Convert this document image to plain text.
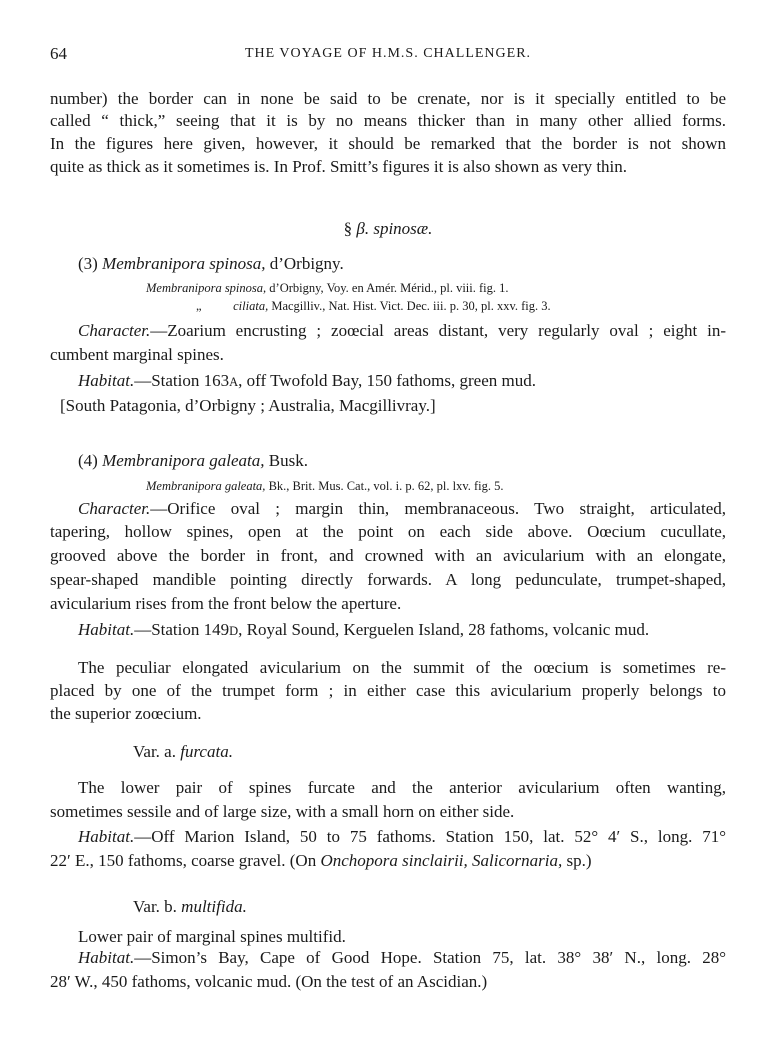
64	THE VOYAGE OF H.M.S. CHALLENGER.
number) the border can in none be said to be crenate, nor is it specially entitled to be
called “ thick,” seeing that it is by no means thicker than in many other allied forms.
In the figures here given, however, it should be remarked that the border is not shown
quite as thick as it sometimes is. In Prof. Smitt’s figures it is also shown as very thin.
§ β. spinosæ.
(3) Membranipora spinosa, d’Orbigny.
Membranipora spinosa, d’Orbigny, Voy. en Amér. Mérid., pl. viii. fig. 1.
„	ciliata, Macgilliv., Nat. Hist. Vict. Dec. iii. p. 30, pl. xxv. fig. 3.
Character.—Zoarium encrusting ; zoœcial areas distant, very regularly oval ; eight in-
cumbent marginal spines.
Habitat.—Station 163A, off Twofold Bay, 150 fathoms, green mud.
[South Patagonia, d’Orbigny ; Australia, Macgillivray.]
(4) Membranipora galeata, Busk.
Membranipora galeata, Bk., Brit. Mus. Cat., vol. i. p. 62, pl. lxv. fig. 5.
Character.—Orifice oval ; margin thin, membranaceous. Two straight, articulated,
tapering, hollow spines, open at the point on each side above. Oœcium cucullate,
grooved above the border in front, and crowned with an avicularium with an elongate,
spear-shaped mandible pointing directly forwards. A long pedunculate, trumpet-shaped,
avicularium rises from the front below the aperture.
Habitat.—Station 149D, Royal Sound, Kerguelen Island, 28 fathoms, volcanic mud.
The peculiar elongated avicularium on the summit of the oœcium is sometimes re-
placed by one of the trumpet form ; in either case this avicularium properly belongs to
the superior zoœcium.
Var. a. furcata.
The lower pair of spines furcate and the anterior avicularium often wanting,
sometimes sessile and of large size, with a small horn on either side.
Habitat.—Off Marion Island, 50 to 75 fathoms. Station 150, lat. 52° 4′ S., long. 71°
22′ E., 150 fathoms, coarse gravel. (On Onchopora sinclairii, Salicornaria, sp.)
Var. b. multifida.
Lower pair of marginal spines multifid.
Habitat.—Simon’s Bay, Cape of Good Hope. Station 75, lat. 38° 38′ N., long. 28°
28′ W., 450 fathoms, volcanic mud. (On the test of an Ascidian.)
